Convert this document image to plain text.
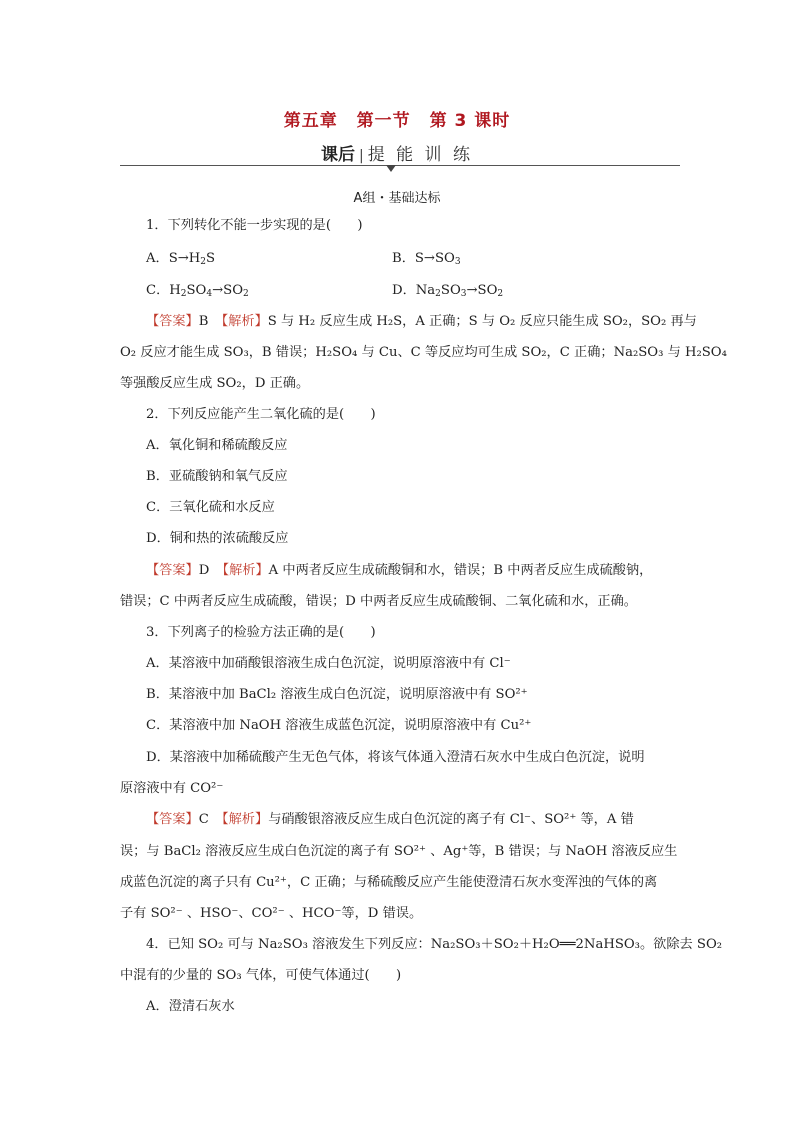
第五章 第一节 第 3 课时
课后 | 提 能 训 练
A组・基础达标
1．下列转化不能一步实现的是(　　)
A．$S\to H_2S$	B．$S\to SO_3$
C．$H_2SO_4\to SO_2$	D．$Na_2SO_3\to SO_2$
【答案】B　 【解析】S 与 H₂ 反应生成 H₂S，A 正确；S 与 O₂ 反应只能生成 SO₂，SO₂ 再与
O₂ 反应才能生成 SO₃，B 错误；H₂SO₄ 与 Cu、C 等反应均可生成 SO₂，C 正确；Na₂SO₃ 与 H₂SO₄
等强酸反应生成 SO₂，D 正确。
2．下列反应能产生二氧化硫的是(　　)
A．氧化铜和稀硫酸反应
B．亚硫酸钠和氧气反应
C．三氧化硫和水反应
D．铜和热的浓硫酸反应
【答案】D　 【解析】A 中两者反应生成硫酸铜和水，错误；B 中两者反应生成硫酸钠，
错误；C 中两者反应生成硫酸，错误；D 中两者反应生成硫酸铜、二氧化硫和水，正确。
3．下列离子的检验方法正确的是(　　)
A．某溶液中加硝酸银溶液生成白色沉淀，说明原溶液中有 Cl⁻
B．某溶液中加 BaCl₂ 溶液生成白色沉淀，说明原溶液中有 SO²⁺
C．某溶液中加 NaOH 溶液生成蓝色沉淀，说明原溶液中有 Cu²⁺
D．某溶液中加稀硫酸产生无色气体，将该气体通入澄清石灰水中生成白色沉淀，说明
原溶液中有 CO²⁻
【答案】C　 【解析】与硝酸银溶液反应生成白色沉淀的离子有 Cl⁻、SO²⁺ 等，A 错
误；与 BaCl₂ 溶液反应生成白色沉淀的离子有 SO²⁺ 、Ag⁺等，B 错误；与 NaOH 溶液反应生
成蓝色沉淀的离子只有 Cu²⁺，C 正确；与稀硫酸反应产生能使澄清石灰水变浑浊的气体的离
子有 SO²⁻ 、HSO⁻、CO²⁻ 、HCO⁻等，D 错误。
4．已知 SO₂ 可与 Na₂SO₃ 溶液发生下列反应：Na₂SO₃＋SO₂＋H₂O══2NaHSO₃。欲除去 SO₂
中混有的少量的 SO₃ 气体，可使气体通过(　　)
A．澄清石灰水
